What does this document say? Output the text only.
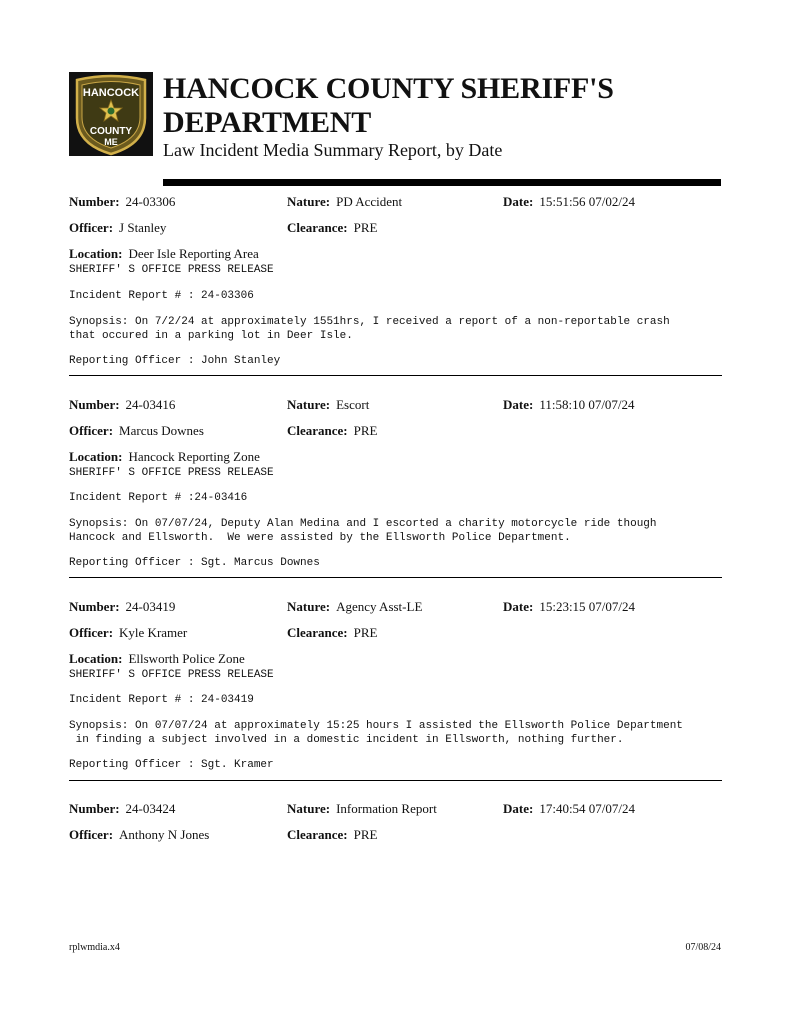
HANCOCK
COUNTY
ME
HANCOCK COUNTY SHERIFF'S
DEPARTMENT
Law Incident Media Summary Report, by Date
Number: 24-03306	Nature: PD Accident	Date: 15:51:56 07/02/24
Officer: J Stanley	Clearance: PRE
Location: Deer Isle Reporting Area
SHERIFF' S OFFICE PRESS RELEASE
Incident Report # : 24-03306
Synopsis: On 7/2/24 at approximately 1551hrs, I received a report of a non-reportable crash
that occured in a parking lot in Deer Isle.
Reporting Officer : John Stanley
Number: 24-03416	Nature: Escort	Date: 11:58:10 07/07/24
Officer: Marcus Downes	Clearance: PRE
Location: Hancock Reporting Zone
SHERIFF' S OFFICE PRESS RELEASE
Incident Report # :24-03416
Synopsis: On 07/07/24, Deputy Alan Medina and I escorted a charity motorcycle ride though
Hancock and Ellsworth.  We were assisted by the Ellsworth Police Department.
Reporting Officer : Sgt. Marcus Downes
Number: 24-03419	Nature: Agency Asst-LE	Date: 15:23:15 07/07/24
Officer: Kyle Kramer	Clearance: PRE
Location: Ellsworth Police Zone
SHERIFF' S OFFICE PRESS RELEASE
Incident Report # : 24-03419
Synopsis: On 07/07/24 at approximately 15:25 hours I assisted the Ellsworth Police Department
in finding a subject involved in a domestic incident in Ellsworth, nothing further.
Reporting Officer : Sgt. Kramer
Number: 24-03424	Nature: Information Report	Date: 17:40:54 07/07/24
Officer: Anthony N Jones	Clearance: PRE
rplwmdia.x4	07/08/24
